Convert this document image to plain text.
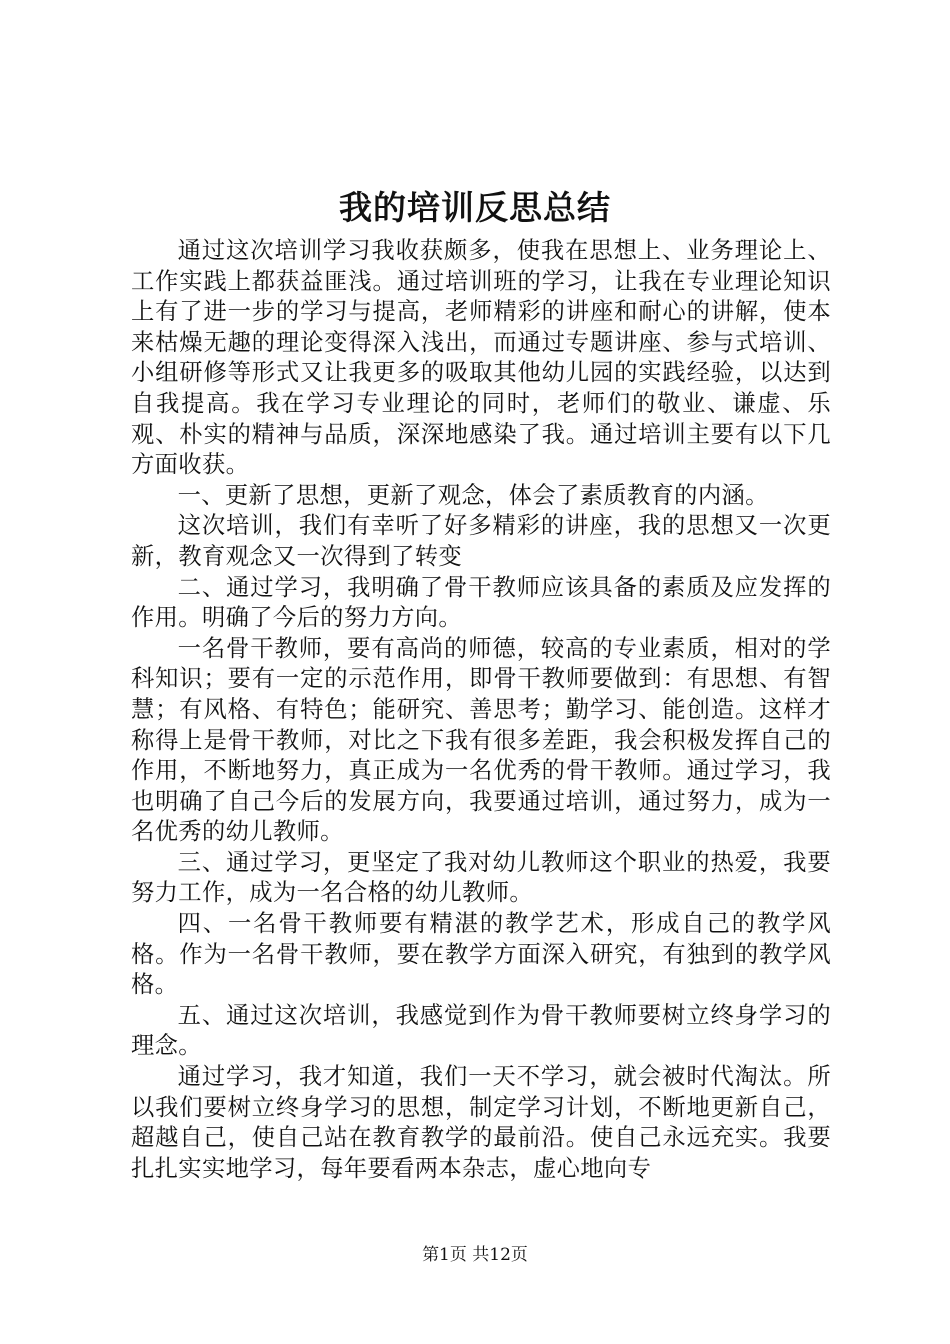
我的培训反思总结

通过这次培训学习我收获颇多，使我在思想上、业务理论上、工作实践上都获益匪浅。通过培训班的学习，让我在专业理论知识上有了进一步的学习与提高，老师精彩的讲座和耐心的讲解，使本来枯燥无趣的理论变得深入浅出，而通过专题讲座、参与式培训、小组研修等形式又让我更多的吸取其他幼儿园的实践经验，以达到自我提高。我在学习专业理论的同时，老师们的敬业、谦虚、乐观、朴实的精神与品质，深深地感染了我。通过培训主要有以下几方面收获。

一、更新了思想，更新了观念，体会了素质教育的内涵。

这次培训，我们有幸听了好多精彩的讲座，我的思想又一次更新，教育观念又一次得到了转变

二、通过学习，我明确了骨干教师应该具备的素质及应发挥的作用。明确了今后的努力方向。

一名骨干教师，要有高尚的师德，较高的专业素质，相对的学科知识；要有一定的示范作用，即骨干教师要做到：有思想、有智慧；有风格、有特色；能研究、善思考；勤学习、能创造。这样才称得上是骨干教师，对比之下我有很多差距，我会积极发挥自己的作用，不断地努力，真正成为一名优秀的骨干教师。通过学习，我也明确了自己今后的发展方向，我要通过培训，通过努力，成为一名优秀的幼儿教师。

三、通过学习，更坚定了我对幼儿教师这个职业的热爱，我要努力工作，成为一名合格的幼儿教师。

四、一名骨干教师要有精湛的教学艺术，形成自己的教学风格。作为一名骨干教师，要在教学方面深入研究，有独到的教学风格。

五、通过这次培训，我感觉到作为骨干教师要树立终身学习的理念。

通过学习，我才知道，我们一天不学习，就会被时代淘汰。所以我们要树立终身学习的思想，制定学习计划，不断地更新自己，超越自己，使自己站在教育教学的最前沿。使自己永远充实。我要扎扎实实地学习，每年要看两本杂志，虚心地向专

第1页 共12页
